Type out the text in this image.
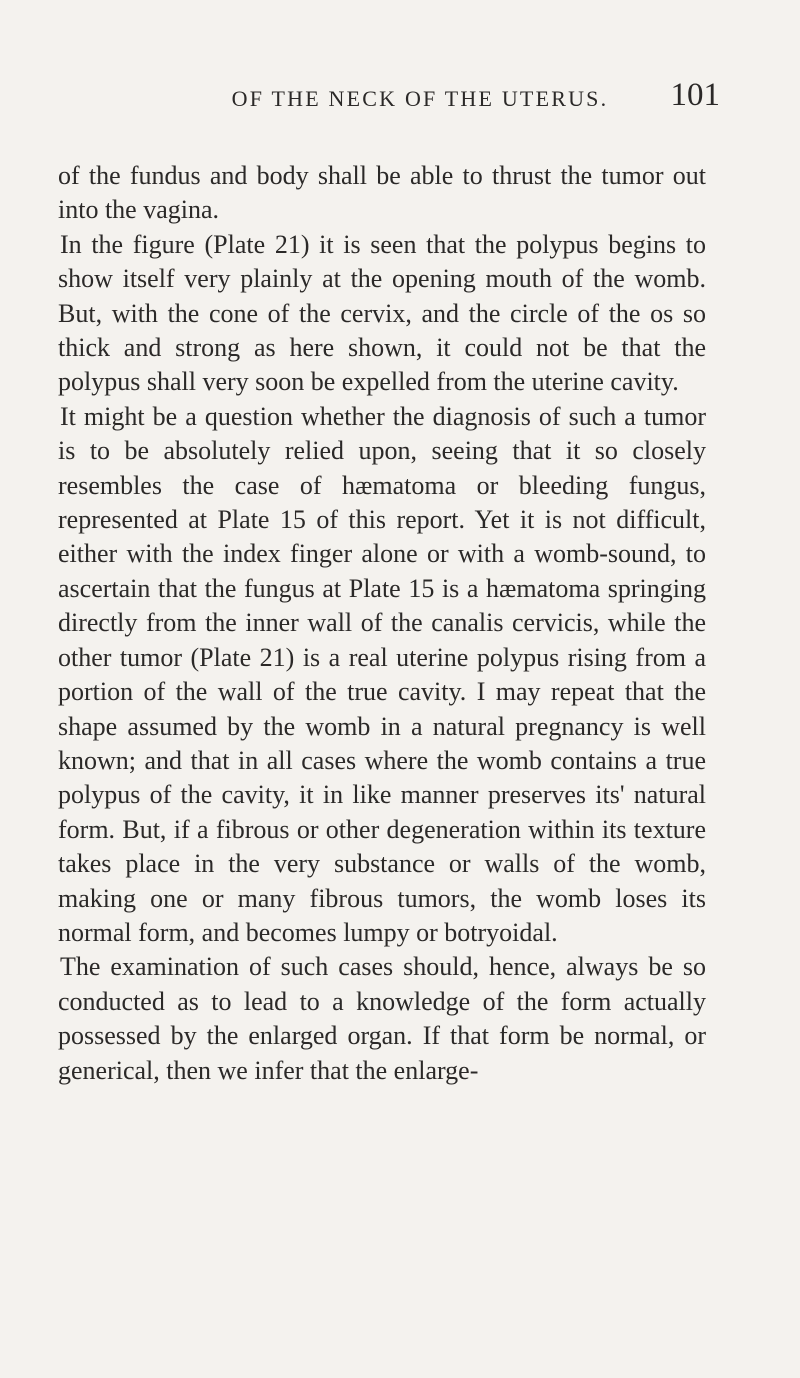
OF THE NECK OF THE UTERUS. 101

of the fundus and body shall be able to thrust the tumor out into the vagina.

In the figure (Plate 21) it is seen that the polypus begins to show itself very plainly at the opening mouth of the womb. But, with the cone of the cervix, and the circle of the os so thick and strong as here shown, it could not be that the polypus shall very soon be expelled from the uterine cavity.

It might be a question whether the diagnosis of such a tumor is to be absolutely relied upon, seeing that it so closely resembles the case of hæmatoma or bleeding fungus, represented at Plate 15 of this report. Yet it is not difficult, either with the index finger alone or with a womb-sound, to ascertain that the fungus at Plate 15 is a hæmatoma springing directly from the inner wall of the canalis cervicis, while the other tumor (Plate 21) is a real uterine polypus rising from a portion of the wall of the true cavity. I may repeat that the shape assumed by the womb in a natural pregnancy is well known; and that in all cases where the womb contains a true polypus of the cavity, it in like manner preserves its' natural form. But, if a fibrous or other degeneration within its texture takes place in the very substance or walls of the womb, making one or many fibrous tumors, the womb loses its normal form, and becomes lumpy or botryoidal.

The examination of such cases should, hence, always be so conducted as to lead to a knowledge of the form actually possessed by the enlarged organ. If that form be normal, or generical, then we infer that the enlarge-
